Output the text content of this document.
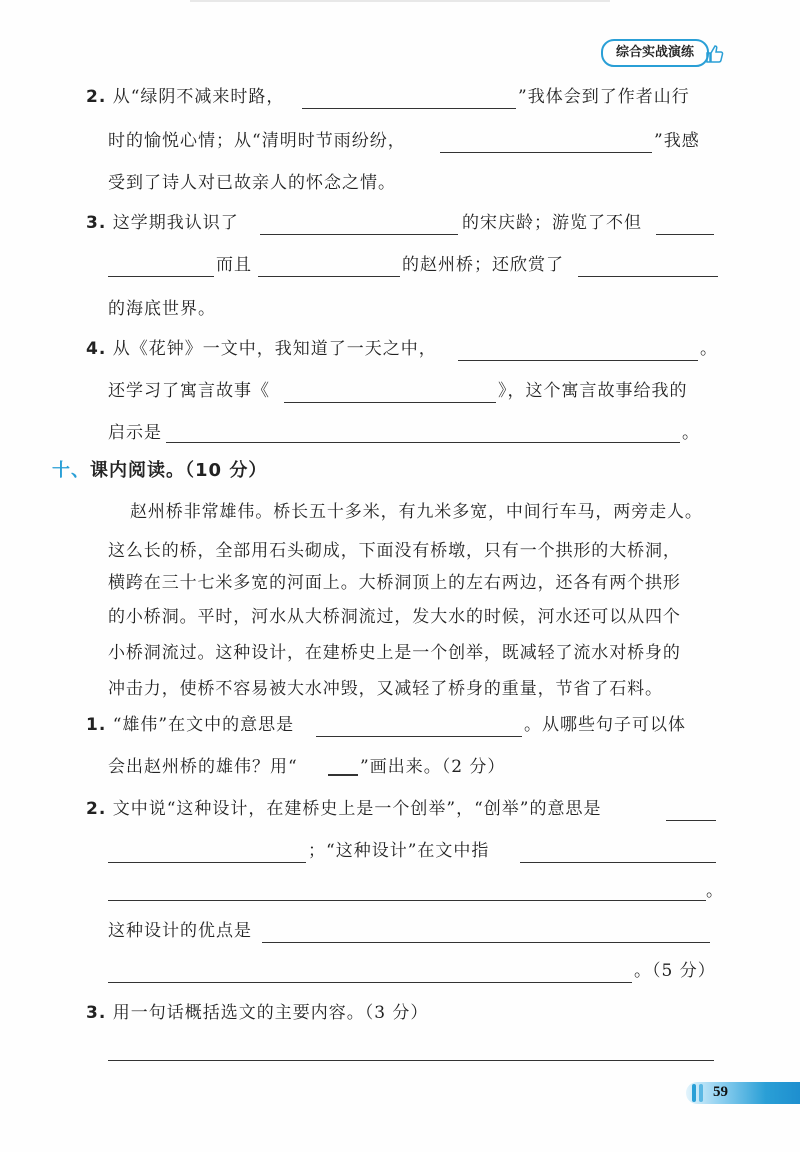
综合实战演练
2. 从“绿阴不减来时路，	”我体会到了作者山行
时的愉悦心情；从“清明时节雨纷纷，	”我感
受到了诗人对已故亲人的怀念之情。
3. 这学期我认识了	的宋庆龄；游览了不但
而且	的赵州桥；还欣赏了
的海底世界。
4. 从《花钟》一文中，我知道了一天之中，	。
还学习了寓言故事《	》，这个寓言故事给我的
启示是	。
十、课内阅读。（10 分）
赵州桥非常雄伟。桥长五十多米，有九米多宽，中间行车马，两旁走人。
这么长的桥，全部用石头砌成，下面没有桥墩，只有一个拱形的大桥洞，
横跨在三十七米多宽的河面上。大桥洞顶上的左右两边，还各有两个拱形
的小桥洞。平时，河水从大桥洞流过，发大水的时候，河水还可以从四个
小桥洞流过。这种设计，在建桥史上是一个创举，既减轻了流水对桥身的
冲击力，使桥不容易被大水冲毁，又减轻了桥身的重量，节省了石料。
1. “雄伟”在文中的意思是	。从哪些句子可以体
会出赵州桥的雄伟？用“	”画出来。（2 分）
2. 文中说“这种设计，在建桥史上是一个创举”，“创举”的意思是
；“这种设计”在文中指
。
这种设计的优点是
。（5 分）
3. 用一句话概括选文的主要内容。（3 分）
59
